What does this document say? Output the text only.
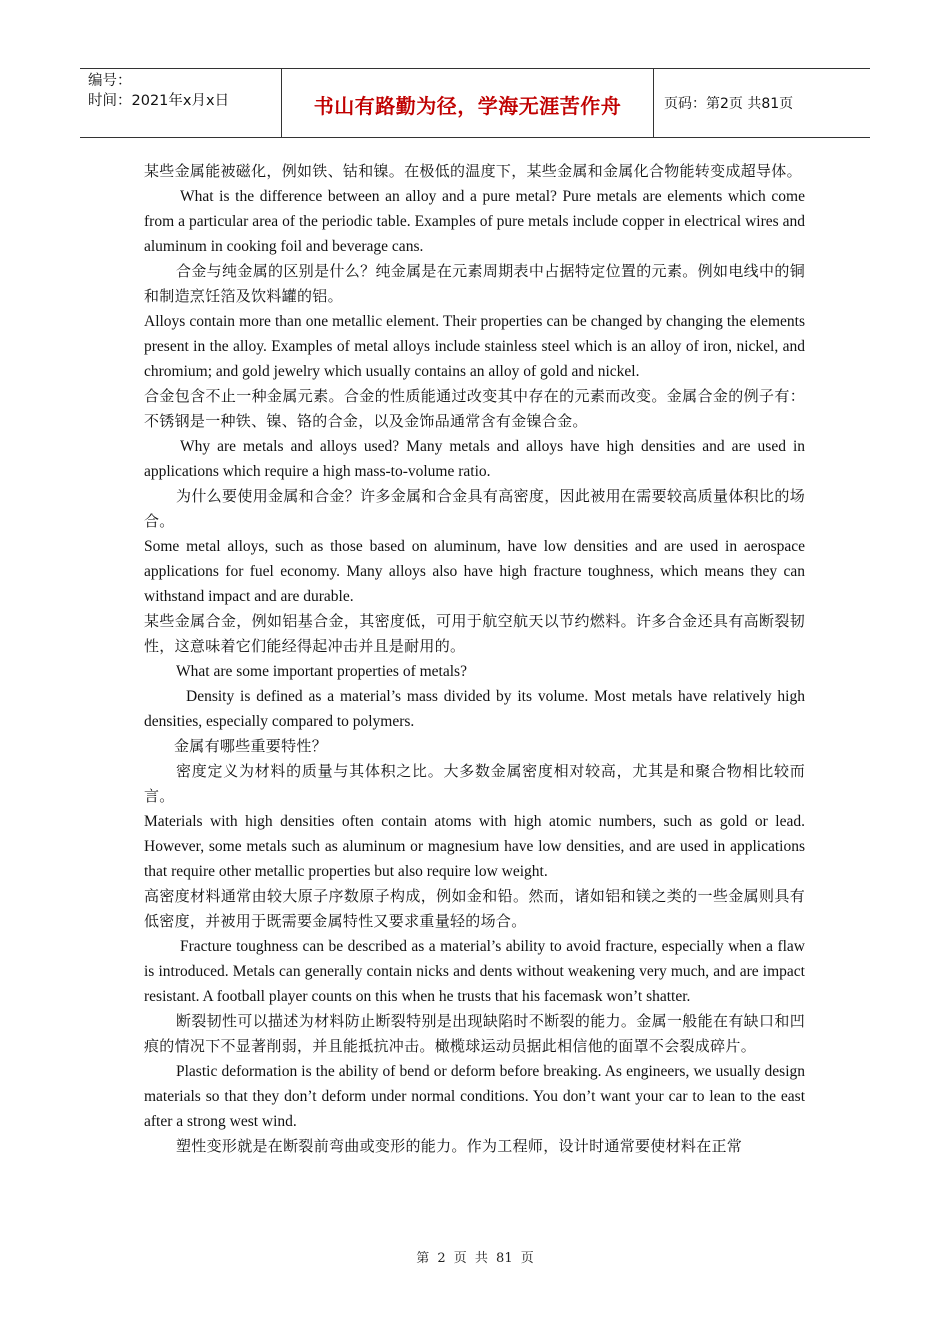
编号：
时间：2021年x月x日	书山有路勤为径，学海无涯苦作舟	页码：第2页 共81页

某些金属能被磁化，例如铁、钴和镍。在极低的温度下，某些金属和金属化合物能转变成超导体。

What is the difference between an alloy and a pure metal? Pure metals are elements which come from a particular area of the periodic table. Examples of pure metals include copper in electrical wires and aluminum in cooking foil and beverage cans.

合金与纯金属的区别是什么？纯金属是在元素周期表中占据特定位置的元素。例如电线中的铜和制造烹饪箔及饮料罐的铝。

Alloys contain more than one metallic element. Their properties can be changed by changing the elements present in the alloy. Examples of metal alloys include stainless steel which is an alloy of iron, nickel, and chromium; and gold jewelry which usually contains an alloy of gold and nickel.

合金包含不止一种金属元素。合金的性质能通过改变其中存在的元素而改变。金属合金的例子有：不锈钢是一种铁、镍、铬的合金，以及金饰品通常含有金镍合金。

Why are metals and alloys used? Many metals and alloys have high densities and are used in applications which require a high mass-to-volume ratio.

为什么要使用金属和合金？许多金属和合金具有高密度，因此被用在需要较高质量体积比的场合。

Some metal alloys, such as those based on aluminum, have low densities and are used in aerospace applications for fuel economy. Many alloys also have high fracture toughness, which means they can withstand impact and are durable.

某些金属合金，例如铝基合金，其密度低，可用于航空航天以节约燃料。许多合金还具有高断裂韧性，这意味着它们能经得起冲击并且是耐用的。

What are some important properties of metals?

Density is defined as a material’s mass divided by its volume. Most metals have relatively high densities, especially compared to polymers.

金属有哪些重要特性？

密度定义为材料的质量与其体积之比。大多数金属密度相对较高，尤其是和聚合物相比较而言。

Materials with high densities often contain atoms with high atomic numbers, such as gold or lead. However, some metals such as aluminum or magnesium have low densities, and are used in applications that require other metallic properties but also require low weight.

高密度材料通常由较大原子序数原子构成，例如金和铅。然而，诸如铝和镁之类的一些金属则具有低密度，并被用于既需要金属特性又要求重量轻的场合。

Fracture toughness can be described as a material’s ability to avoid fracture, especially when a flaw is introduced. Metals can generally contain nicks and dents without weakening very much, and are impact resistant. A football player counts on this when he trusts that his facemask won’t shatter.

断裂韧性可以描述为材料防止断裂特别是出现缺陷时不断裂的能力。金属一般能在有缺口和凹痕的情况下不显著削弱，并且能抵抗冲击。橄榄球运动员据此相信他的面罩不会裂成碎片。

Plastic deformation is the ability of bend or deform before breaking. As engineers, we usually design materials so that they don’t deform under normal conditions. You don’t want your car to lean to the east after a strong west wind.

塑性变形就是在断裂前弯曲或变形的能力。作为工程师，设计时通常要使材料在正常

第 2 页 共 81 页
